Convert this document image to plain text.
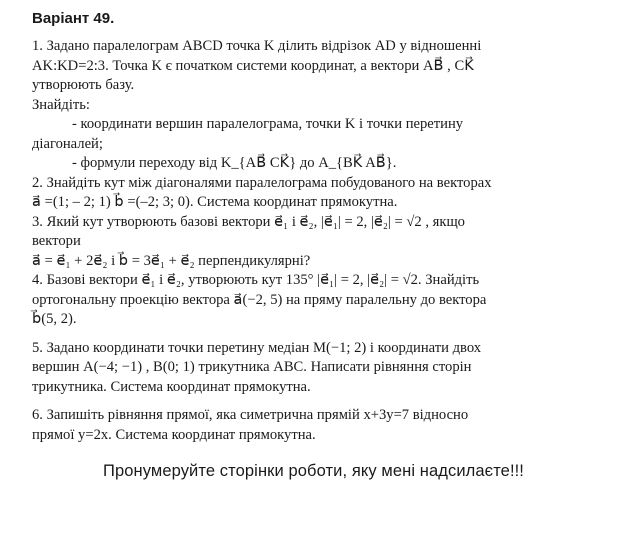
Варіант 49.

1. Задано паралелограм ABCD точка K ділить відрізок AD у відношенні

AK:KD=2:3. Точка K є початком системи координат, а вектори AB⃗ , CK⃗

утворюють базу.

Знайдіть:

- координати вершин паралелограма, точки K і точки перетину

діагоналей;

- формули переходу від K_{AB⃗ CK⃗} до A_{BK⃗ AB⃗}.

2. Знайдіть кут між діагоналями паралелограма побудованого на векторах

a⃗ =(1; – 2; 1) b⃗ =(–2; 3; 0). Система координат прямокутна.

3. Який кут утворюють базові вектори e⃗₁ і e⃗₂, |e⃗₁| = 2, |e⃗₂| = √2 , якщо

вектори

a⃗ = e⃗₁ + 2e⃗₂ і b⃗ = 3e⃗₁ + e⃗₂ перпендикулярні?

4. Базові вектори e⃗₁ і e⃗₂, утворюють кут 135° |e⃗₁| = 2, |e⃗₂| = √2. Знайдіть

ортогональну проекцію вектора a⃗(−2, 5) на пряму паралельну до вектора

b⃗(5, 2).

5. Задано координати точки перетину медіан M(−1; 2) і координати двох

вершин A(−4; −1) , B(0; 1) трикутника ABC. Написати рівняння сторін

трикутника. Система координат прямокутна.

6. Запишіть рівняння прямої, яка симетрична прямій x+3y=7 відносно

прямої y=2x. Система координат прямокутна.

Пронумеруйте сторінки роботи, яку мені надсилаєте!!!
